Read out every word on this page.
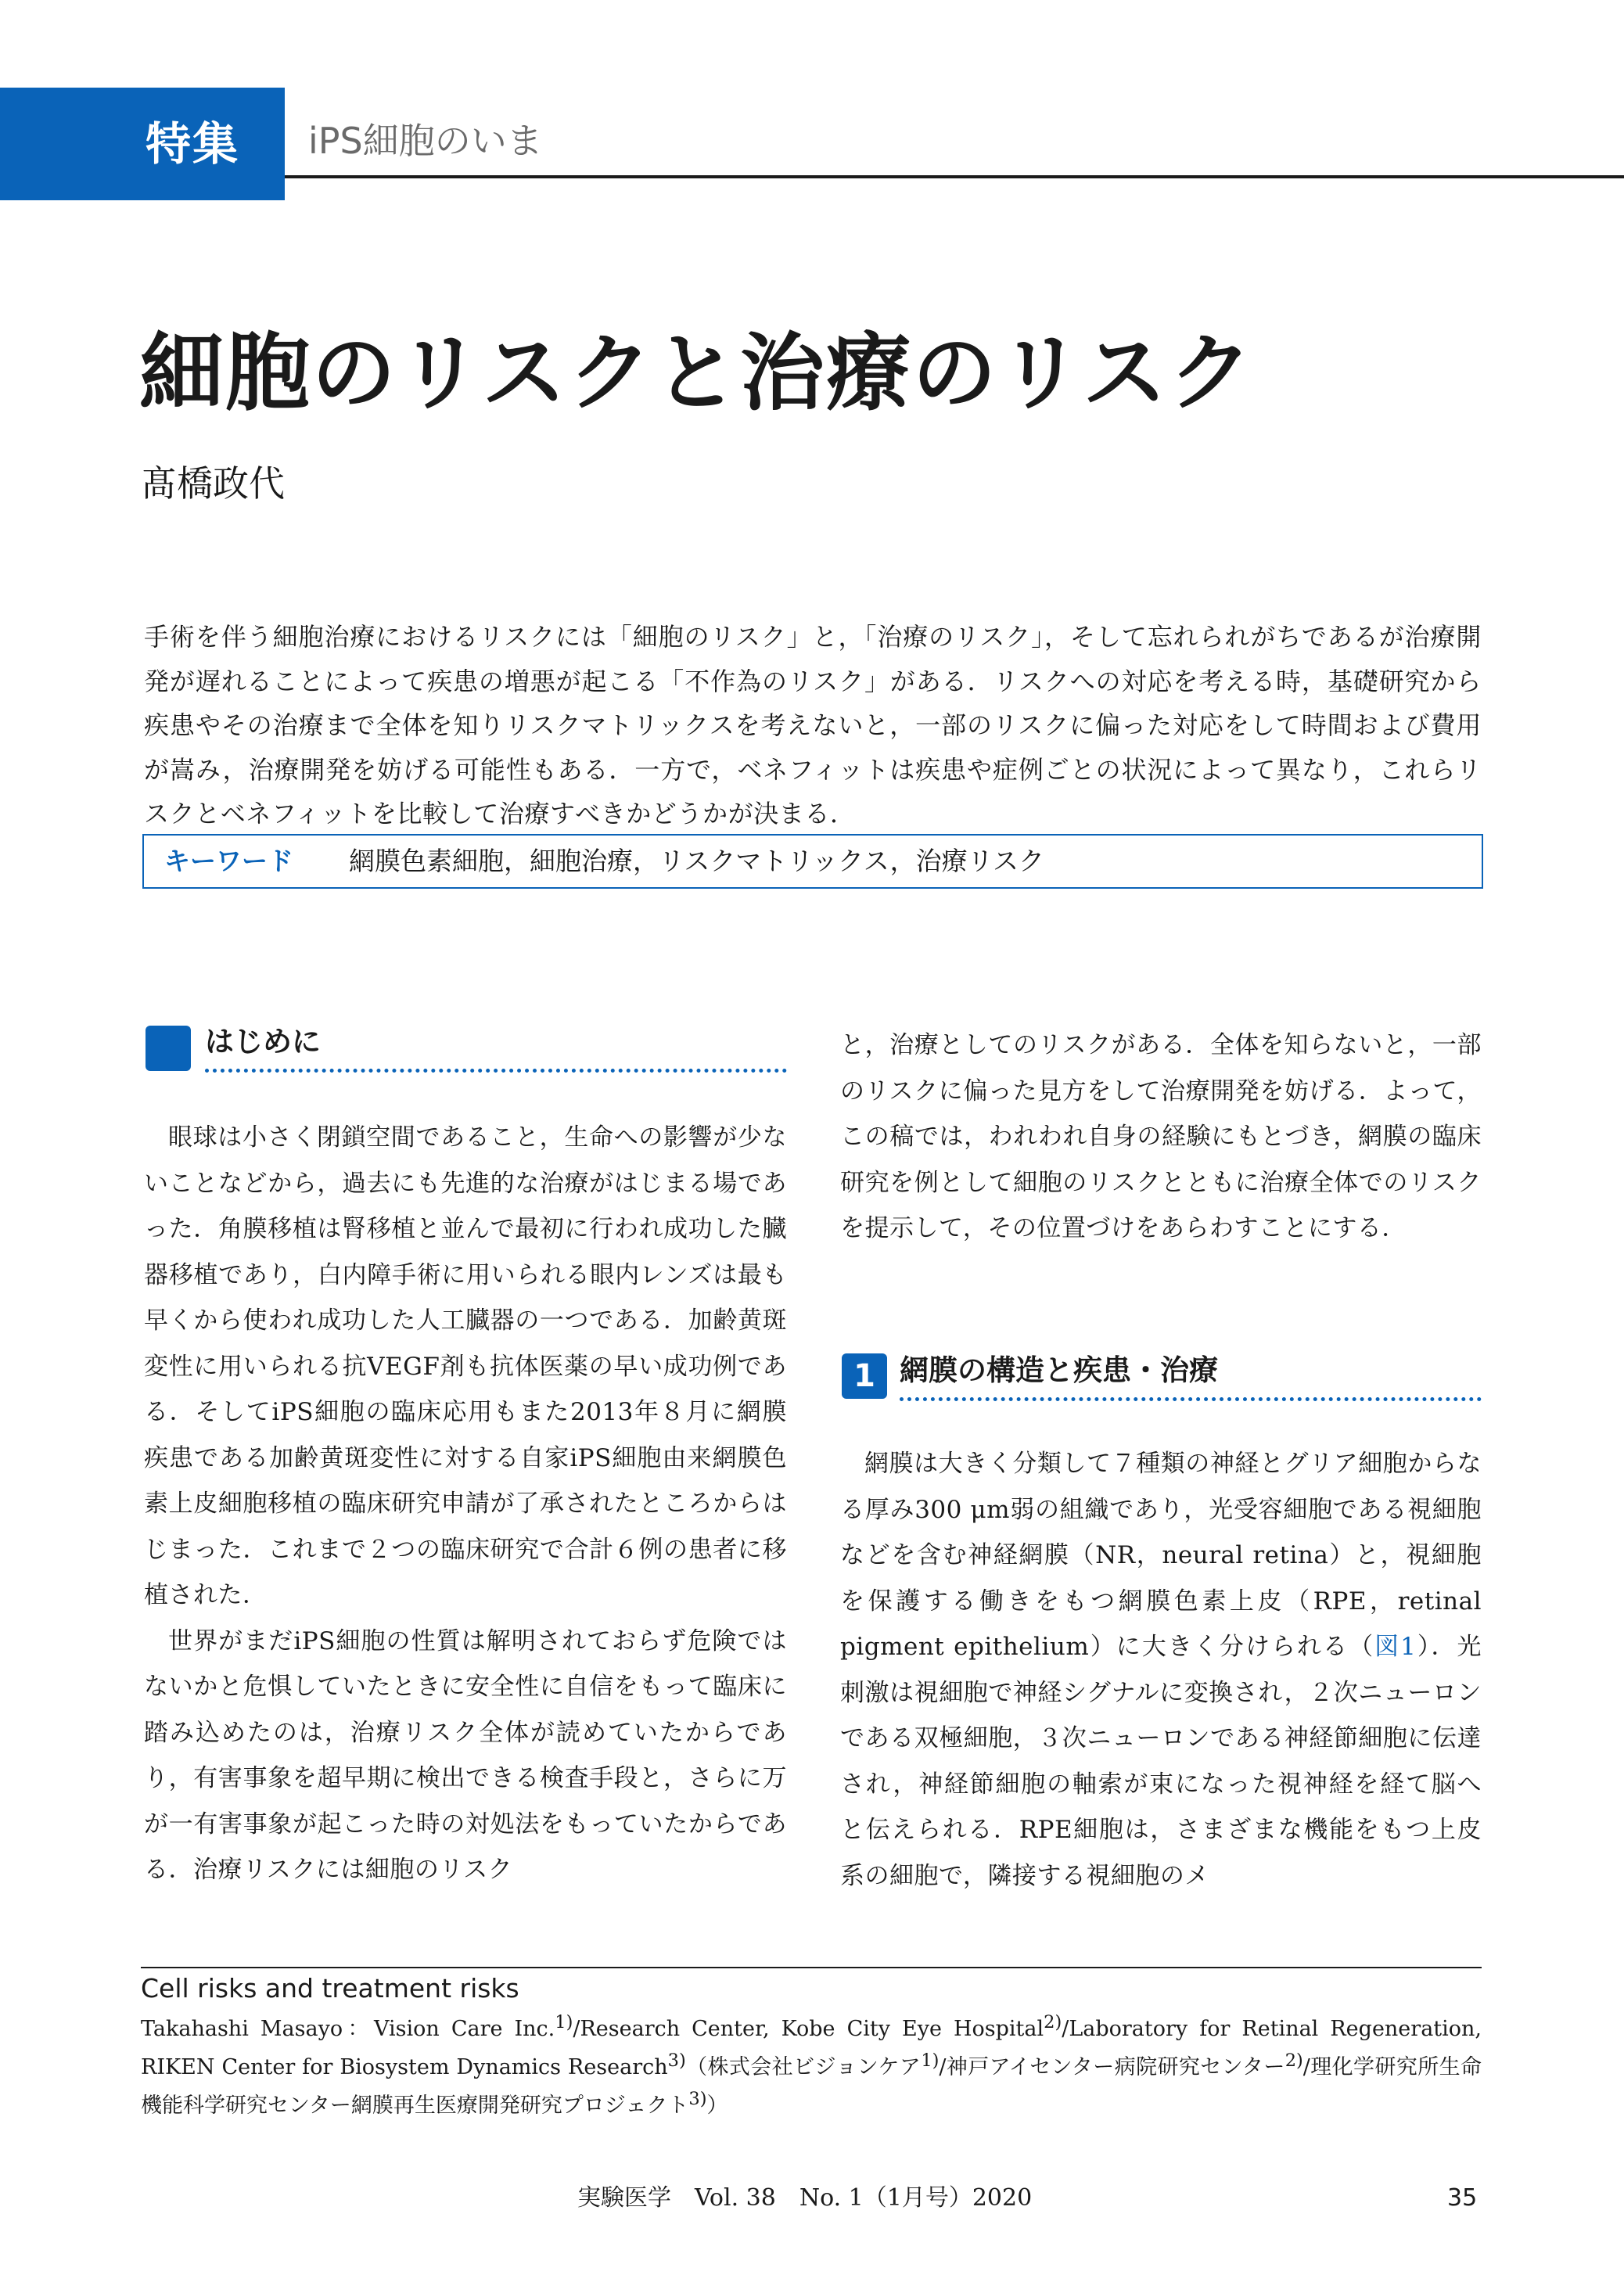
特集	iPS細胞のいま
細胞のリスクと治療のリスク
髙橋政代
手術を伴う細胞治療におけるリスクには「細胞のリスク」と，「治療のリスク」，そして忘れられがちであるが治療開発が遅れることによって疾患の増悪が起こる「不作為のリスク」がある．リスクへの対応を考える時，基礎研究から疾患やその治療まで全体を知りリスクマトリックスを考えないと，一部のリスクに偏った対応をして時間および費用が嵩み，治療開発を妨げる可能性もある．一方で，ベネフィットは疾患や症例ごとの状況によって異なり，これらリスクとベネフィットを比較して治療すべきかどうかが決まる．
キーワード 網膜色素細胞，細胞治療，リスクマトリックス，治療リスク
はじめに

眼球は小さく閉鎖空間であること，生命への影響が少ないことなどから，過去にも先進的な治療がはじまる場であった．角膜移植は腎移植と並んで最初に行われ成功した臓器移植であり，白内障手術に用いられる眼内レンズは最も早くから使われ成功した人工臓器の一つである．加齢黄斑変性に用いられる抗VEGF剤も抗体医薬の早い成功例である．そしてiPS細胞の臨床応用もまた2013年８月に網膜疾患である加齢黄斑変性に対する自家iPS細胞由来網膜色素上皮細胞移植の臨床研究申請が了承されたところからはじまった．これまで２つの臨床研究で合計６例の患者に移植された．

世界がまだiPS細胞の性質は解明されておらず危険ではないかと危惧していたときに安全性に自信をもって臨床に踏み込めたのは，治療リスク全体が読めていたからであり，有害事象を超早期に検出できる検査手段と，さらに万が一有害事象が起こった時の対処法をもっていたからである．治療リスクには細胞のリスク

と，治療としてのリスクがある．全体を知らないと，一部のリスクに偏った見方をして治療開発を妨げる．よって，この稿では，われわれ自身の経験にもとづき，網膜の臨床研究を例として細胞のリスクとともに治療全体でのリスクを提示して，その位置づけをあらわすことにする．

1 網膜の構造と疾患・治療

網膜は大きく分類して７種類の神経とグリア細胞からなる厚み300 μm弱の組織であり，光受容細胞である視細胞などを含む神経網膜（NR，neural retina）と，視細胞を保護する働きをもつ網膜色素上皮（RPE，retinal pigment epithelium）に大きく分けられる（図1）．光刺激は視細胞で神経シグナルに変換され，２次ニューロンである双極細胞，３次ニューロンである神経節細胞に伝達され，神経節細胞の軸索が束になった視神経を経て脳へと伝えられる．RPE細胞は，さまざまな機能をもつ上皮系の細胞で，隣接する視細胞のメ

Cell risks and treatment risks
Takahashi Masayo：Vision Care Inc.$^{1)}$/Research Center, Kobe City Eye Hospital$^{2)}$/Laboratory for Retinal Regeneration, RIKEN Center for Biosystem Dynamics Research$^{3)}$（株式会社ビジョンケア$^{1)}$/神戸アイセンター病院研究センター$^{2)}$/理化学研究所生命機能科学研究センター網膜再生医療開発研究プロジェクト$^{3)}$）
実験医学　Vol. 38　No. 1（1月号）2020	35
